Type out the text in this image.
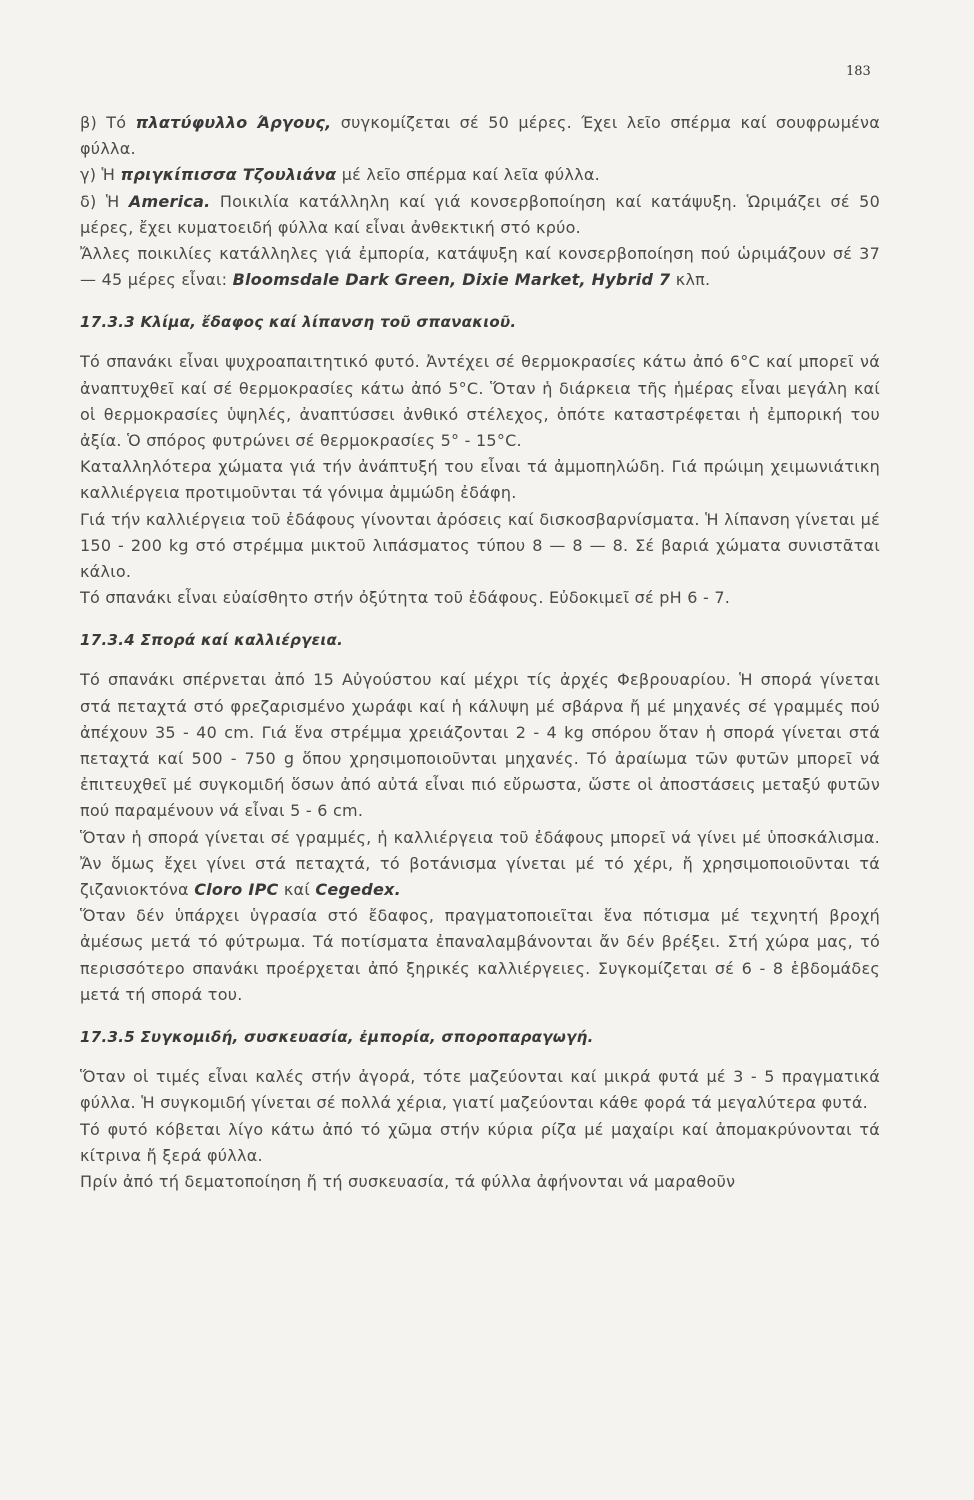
183

β) Τό πλατύφυλλο Άργους, συγκομίζεται σέ 50 μέρες. Έχει λεῖο σπέρμα καί σουφρωμένα φύλλα.

γ) Ἡ πριγκίπισσα Τζουλιάνα μέ λεῖο σπέρμα καί λεῖα φύλλα.

δ) Ἡ America. Ποικιλία κατάλληλη καί γιά κονσερβοποίηση καί κατάψυξη. Ὡριμάζει σέ 50 μέρες, ἔχει κυματοειδή φύλλα καί εἶναι ἀνθεκτική στό κρύο.

Ἄλλες ποικιλίες κατάλληλες γιά ἐμπορία, κατάψυξη καί κονσερβοποίηση πού ὡριμάζουν σέ 37 — 45 μέρες εἶναι: Bloomsdale Dark Green, Dixie Market, Hybrid 7 κλπ.

17.3.3 Κλίμα, ἔδαφος καί λίπανση τοῦ σπανακιοῦ.

Τό σπανάκι εἶναι ψυχροαπαιτητικό φυτό. Ἀντέχει σέ θερμοκρασίες κάτω ἀπό 6°C καί μπορεῖ νά ἀναπτυχθεῖ καί σέ θερμοκρασίες κάτω ἀπό 5°C. Ὅταν ἡ διάρκεια τῆς ἡμέρας εἶναι μεγάλη καί οἱ θερμοκρασίες ὑψηλές, ἀναπτύσσει ἀνθικό στέλεχος, ὁπότε καταστρέφεται ἡ ἐμπορική του ἀξία. Ὁ σπόρος φυτρώνει σέ θερμοκρασίες 5° - 15°C.

Καταλληλότερα χώματα γιά τήν ἀνάπτυξή του εἶναι τά ἀμμοπηλώδη. Γιά πρώιμη χειμωνιάτικη καλλιέργεια προτιμοῦνται τά γόνιμα ἀμμώδη ἐδάφη.

Γιά τήν καλλιέργεια τοῦ ἐδάφους γίνονται ἀρόσεις καί δισκοσβαρνίσματα. Ἡ λίπανση γίνεται μέ 150 - 200 kg στό στρέμμα μικτοῦ λιπάσματος τύπου 8 — 8 — 8. Σέ βαριά χώματα συνιστᾶται κάλιο.

Τό σπανάκι εἶναι εὐαίσθητο στήν ὀξύτητα τοῦ ἐδάφους. Εὐδοκιμεῖ σέ pH 6 - 7.

17.3.4 Σπορά καί καλλιέργεια.

Τό σπανάκι σπέρνεται ἀπό 15 Αὐγούστου καί μέχρι τίς ἀρχές Φεβρουαρίου. Ἡ σπορά γίνεται στά πεταχτά στό φρεζαρισμένο χωράφι καί ἡ κάλυψη μέ σβάρνα ἤ μέ μηχανές σέ γραμμές πού ἀπέχουν 35 - 40 cm. Γιά ἕνα στρέμμα χρειάζονται 2 - 4 kg σπόρου ὅταν ἡ σπορά γίνεται στά πεταχτά καί 500 - 750 g ὅπου χρησιμοποιοῦνται μηχανές. Τό ἀραίωμα τῶν φυτῶν μπορεῖ νά ἐπιτευχθεῖ μέ συγκομιδή ὅσων ἀπό αὐτά εἶναι πιό εὔρωστα, ὥστε οἱ ἀποστάσεις μεταξύ φυτῶν πού παραμένουν νά εἶναι 5 - 6 cm.

Ὅταν ἡ σπορά γίνεται σέ γραμμές, ἡ καλλιέργεια τοῦ ἐδάφους μπορεῖ νά γίνει μέ ὑποσκάλισμα. Ἄν ὅμως ἔχει γίνει στά πεταχτά, τό βοτάνισμα γίνεται μέ τό χέρι, ἤ χρησιμοποιοῦνται τά ζιζανιοκτόνα Cloro IPC καί Cegedex.

Ὅταν δέν ὑπάρχει ὑγρασία στό ἔδαφος, πραγματοποιεῖται ἕνα πότισμα μέ τεχνητή βροχή ἀμέσως μετά τό φύτρωμα. Τά ποτίσματα ἐπαναλαμβάνονται ἄν δέν βρέξει. Στή χώρα μας, τό περισσότερο σπανάκι προέρχεται ἀπό ξηρικές καλλιέργειες. Συγκομίζεται σέ 6 - 8 ἑβδομάδες μετά τή σπορά του.

17.3.5 Συγκομιδή, συσκευασία, ἐμπορία, σποροπαραγωγή.

Ὅταν οἱ τιμές εἶναι καλές στήν ἀγορά, τότε μαζεύονται καί μικρά φυτά μέ 3 - 5 πραγματικά φύλλα. Ἡ συγκομιδή γίνεται σέ πολλά χέρια, γιατί μαζεύονται κάθε φορά τά μεγαλύτερα φυτά.

Τό φυτό κόβεται λίγο κάτω ἀπό τό χῶμα στήν κύρια ρίζα μέ μαχαίρι καί ἀπομακρύνονται τά κίτρινα ἤ ξερά φύλλα.

Πρίν ἀπό τή δεματοποίηση ἤ τή συσκευασία, τά φύλλα ἀφήνονται νά μαραθοῦν
